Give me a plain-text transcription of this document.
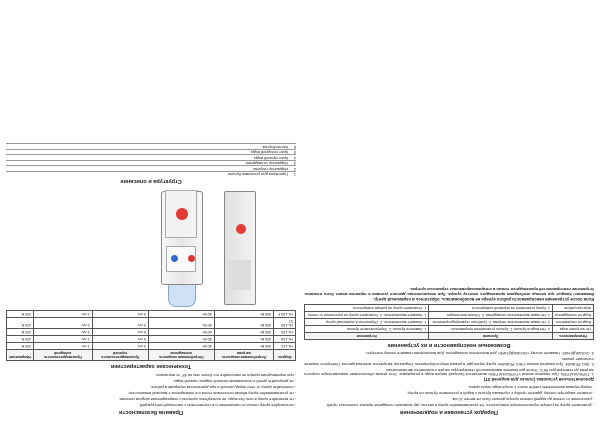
Порядок установки и подключения
- установите кулер на ровную горизонтальную поверхность. Не устанавливайте кулер в местах, где возможно попадание прямых солнечных лучей;
- расстояние от стенки до задней панели кулера должно быть не менее 10 см;
- снимите защитную пленку, удалите пробку с горлышка бутыли с водой и установите бутыль на кулер;
- перед первым включением слейте около 1 литра воды через краны.
Дополнительная установка (только для моделей ST)
1. ТУРБОНАГРЕВ. При нажатии кнопки «ТУРБОНАГРЕВ» включается быстрый нагрев воды в резервуаре. Этот режим обеспечивает максимальную скорость нагрева до температуры 95°С. После достижения максимальной температуры нагрев отключается автоматически.
2. ЭКО РЕЖИМ. При нажатии кнопки «ЭКО РЕЖИМ» кулер переходит в режим энергосбережения. Индикатор загорается зеленым цветом. Повторное нажатие отключает режим.
3. ОХЛАЖДЕНИЕ. Нажмите кнопку «ОХЛАЖДЕНИЕ» для включения охлаждения. Для выключения нажмите кнопку повторно.
Возможные неисправности и их устранение
Неисправность	Причина	Устранение
Не поступает вода	1. Нет воды в бутыли. 2. Бутыль установлена неправильно.	1. Замените бутыль. 2. Переустановите бутыль.
Вода не нагревается	1. Не нажат выключатель нагрева. 2. Сработал термопредохранитель.	1. Нажмите выключатель. 2. Обратитесь в сервисный центр.
Вода не охлаждается	1. Не нажат выключатель охлаждения. 2. Плохая вентиляция.	1. Нажмите выключатель. 2. Установите кулер на расстоянии от стены.
Шум при работе	1. Кулер установлен на неровной поверхности.	1. Установите кулер на ровную поверхность.
Если после устранения неисправности работа кулера не возобновилась, обратитесь в сервисный центр.
Внимание! Каждые три месяца необходимо производить очистку кулера. При невыполнении данного условия в гарантии может быть отказано. Устранение неисправностей производится только в специализированных сервисных центрах.
Правила безопасности
- используйте кулер только по назначению и в соответствии с настоящей инструкцией;
- не включайте кулер в сеть без воды, не пользуйтесь кулером с поврежденным шнуром питания;
- не устанавливайте кулер вблизи источников тепла и в помещениях с высокой влажностью;
- отключайте кулер от сети перед чисткой и при длительном перерыве в работе;
- не допускайте детей к пользованию кнопкой подачи горячей воды;
- при перемещении кулера не наклоняйте его более чем на 45° от вертикали.
Технические характеристики
Модель	Потребляемая мощность нагрева	Потребляемая мощность охлаждения	Производительность горячей	Производительность холодной	Напряжение
HL-115	500 Вт	80 Вт	5 л/ч	2 л/ч	220 В
HL-128	500 Вт	80 Вт	5 л/ч	2 л/ч	220 В
HL-150	500 Вт	80 Вт	5 л/ч	2 л/ч	220 В
HL-150 ST	500 Вт	80 Вт	5 л/ч	2 л/ч	220 В
HL-150 F	500 Вт	80 Вт	5 л/ч	2 л/ч	220 В
Структура и описание
1
Горловина для установки бутыли
2
Индикатор нагрева
3
Индикатор охлаждения
4
Кран горячей воды
5
Кран холодной воды
6
Каплесборник
